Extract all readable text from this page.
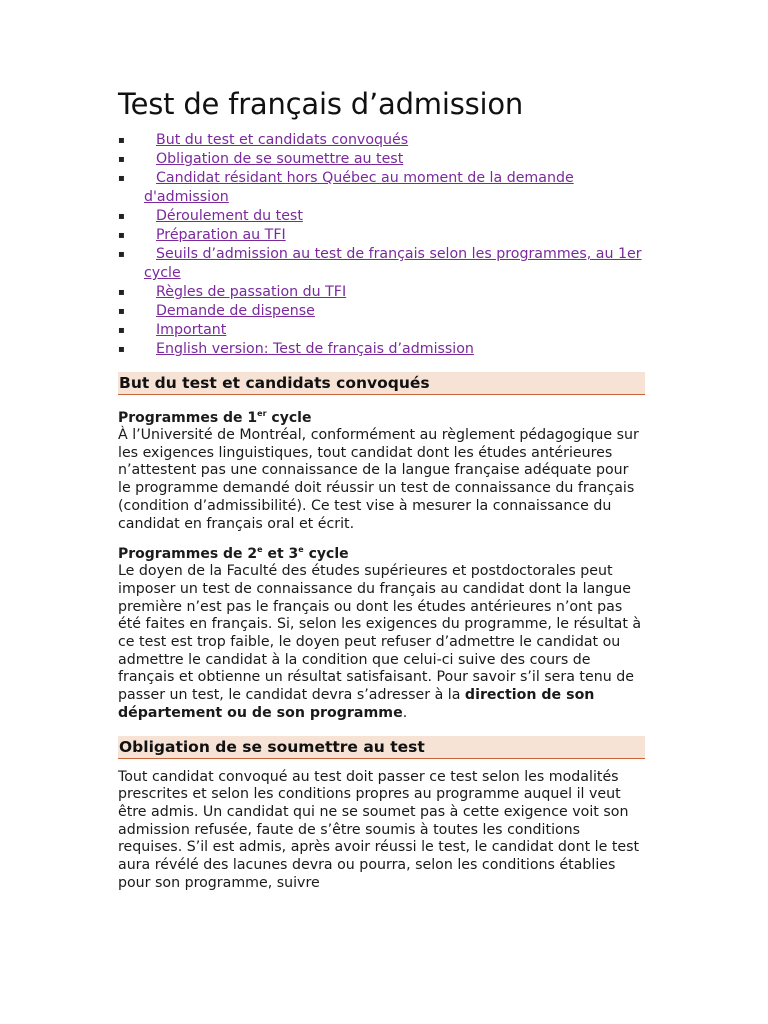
Test de français d’admission
▪	But du test et candidats convoqués
▪	Obligation de se soumettre au test
▪	Candidat résidant hors Québec au moment de la demande d'admission
▪	Déroulement du test
▪	Préparation au TFI
▪	Seuils d’admission au test de français selon les programmes, au 1er cycle
▪	Règles de passation du TFI
▪	Demande de dispense
▪	Important
▪	English version: Test de français d’admission
But du test et candidats convoqués
Programmes de 1er cycle

À l’Université de Montréal, conformément au règlement pédagogique sur les exigences linguistiques, tout candidat dont les études antérieures n’attestent pas une connaissance de la langue française adéquate pour le programme demandé doit réussir un test de connaissance du français (condition d’admissibilité). Ce test vise à mesurer la connaissance du candidat en français oral et écrit.

Programmes de 2e et 3e cycle

Le doyen de la Faculté des études supérieures et postdoctorales peut imposer un test de connaissance du français au candidat dont la langue première n’est pas le français ou dont les études antérieures n’ont pas été faites en français. Si, selon les exigences du programme, le résultat à ce test est trop faible, le doyen peut refuser d’admettre le candidat ou admettre le candidat à la condition que celui-ci suive des cours de français et obtienne un résultat satisfaisant. Pour savoir s’il sera tenu de passer un test, le candidat devra s’adresser à la direction de son département ou de son programme.

Obligation de se soumettre au test

Tout candidat convoqué au test doit passer ce test selon les modalités prescrites et selon les conditions propres au programme auquel il veut être admis. Un candidat qui ne se soumet pas à cette exigence voit son admission refusée, faute de s’être soumis à toutes les conditions requises. S’il est admis, après avoir réussi le test, le candidat dont le test aura révélé des lacunes devra ou pourra, selon les conditions établies pour son programme, suivre
